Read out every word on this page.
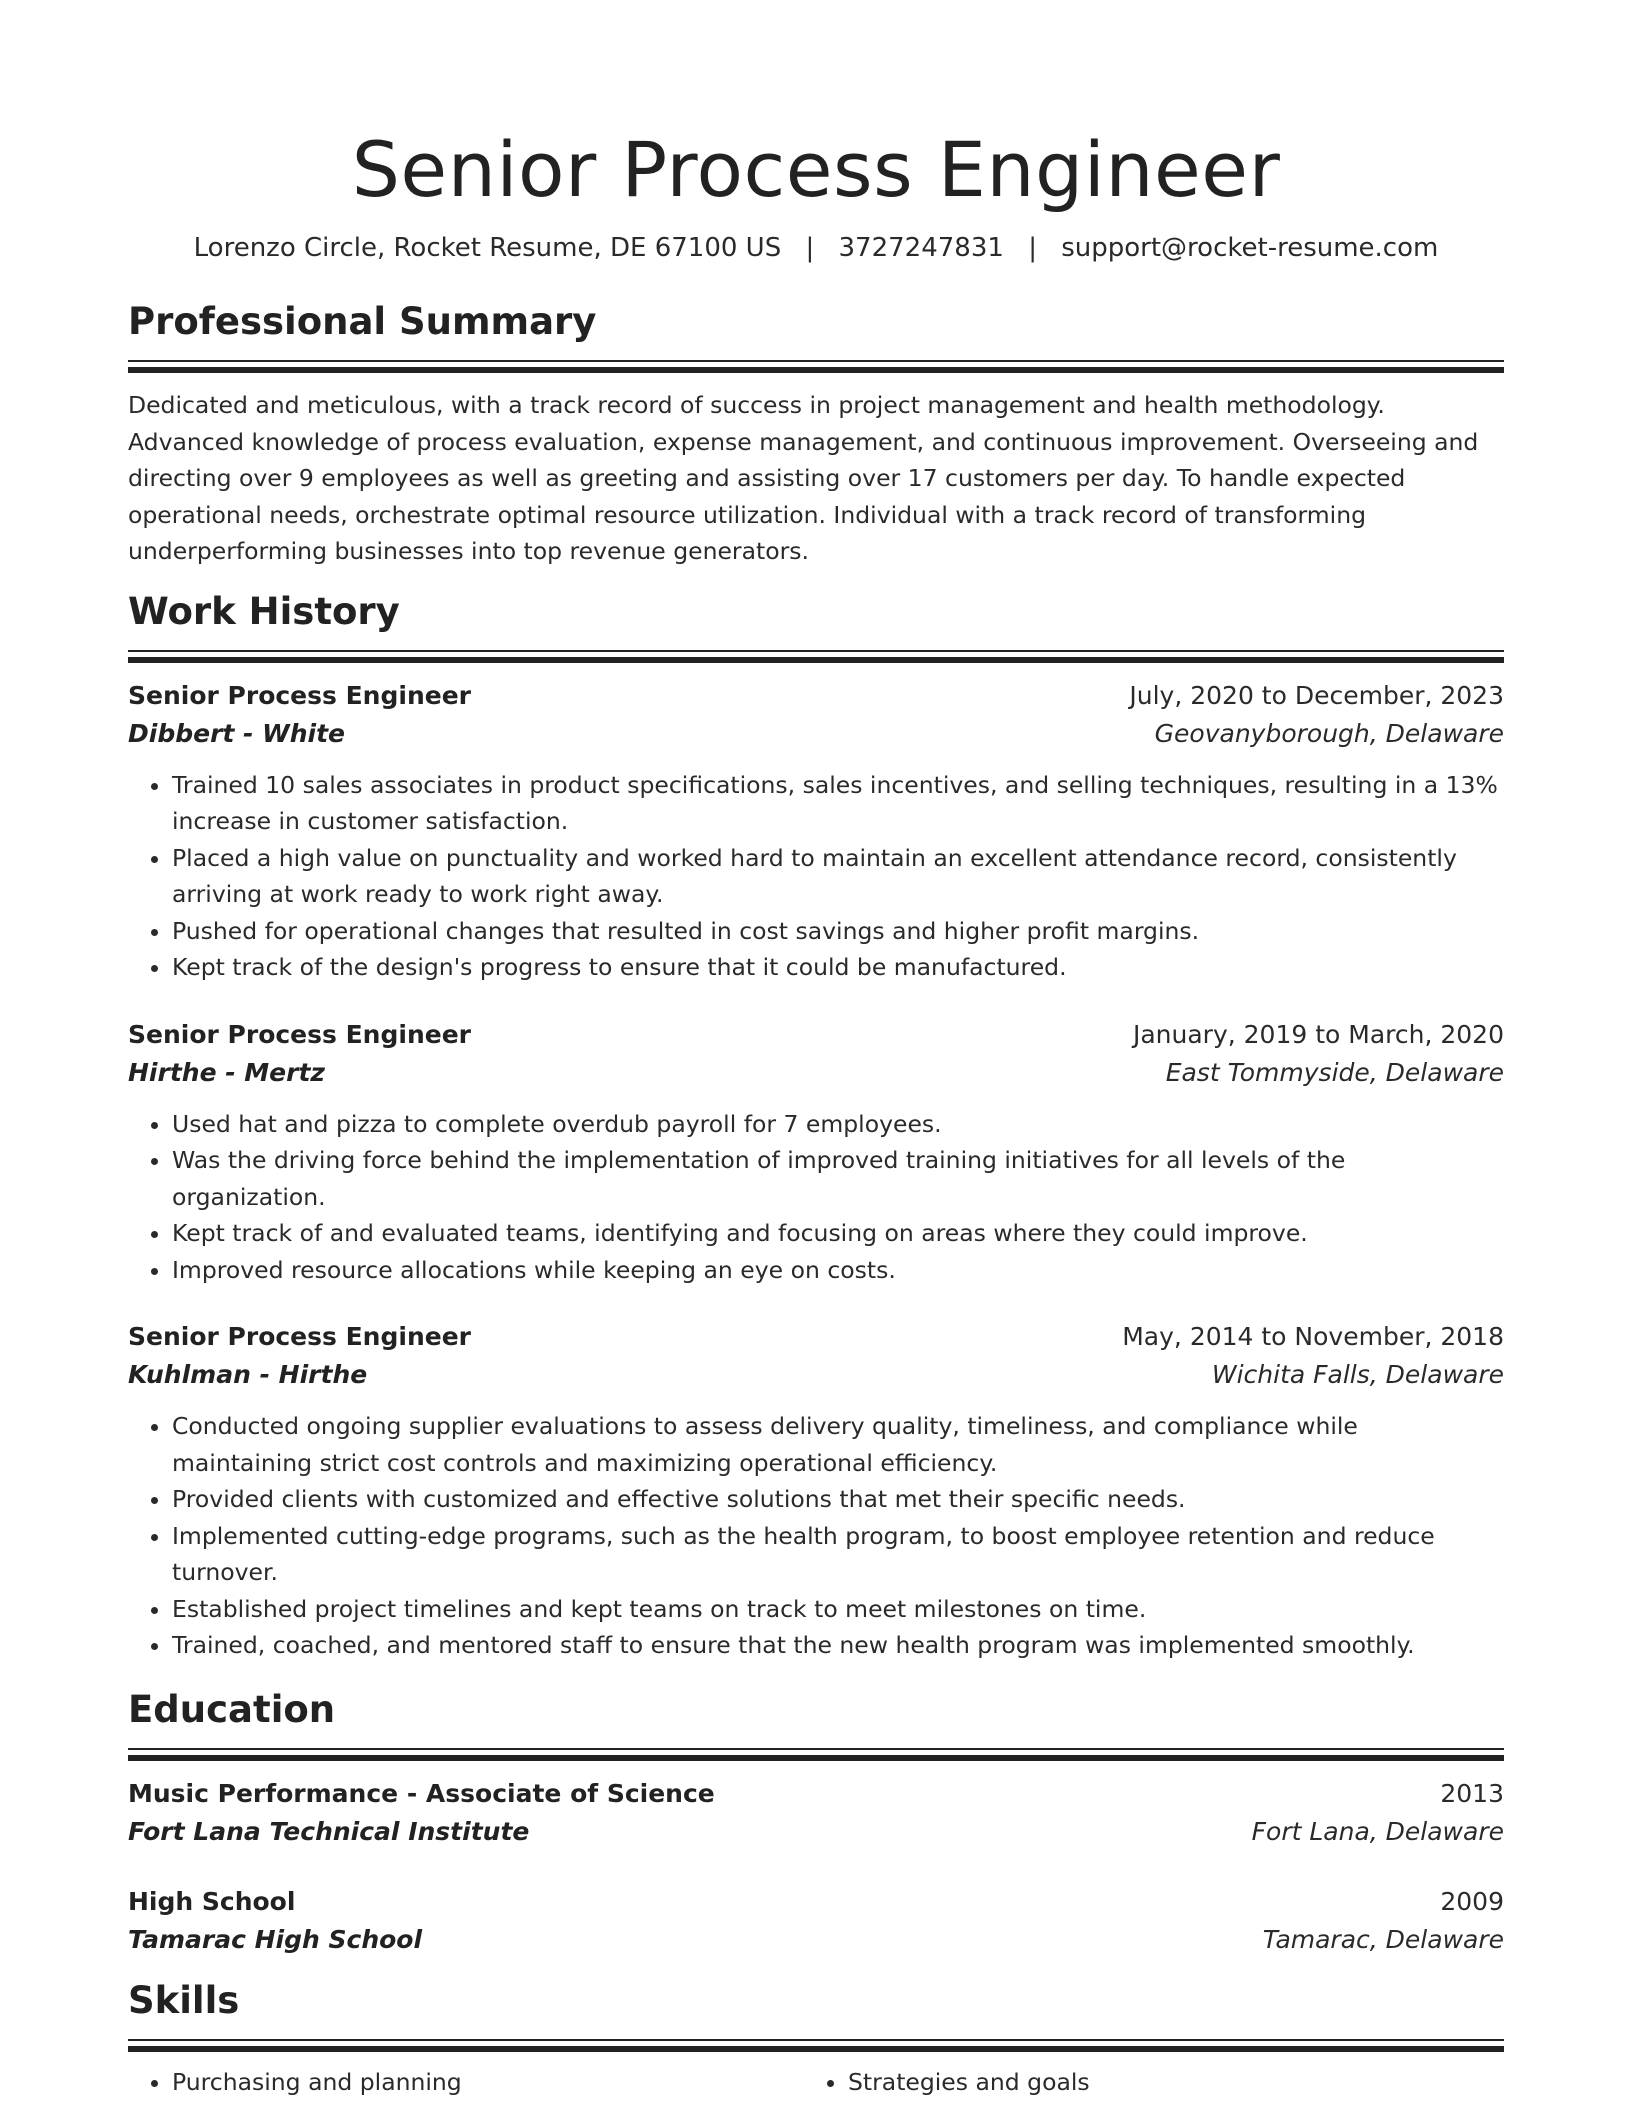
Senior Process Engineer
Lorenzo Circle, Rocket Resume, DE 67100 US | 3727247831 | support@rocket-resume.com
Professional Summary
Dedicated and meticulous, with a track record of success in project management and health methodology. Advanced knowledge of process evaluation, expense management, and continuous improvement. Overseeing and directing over 9 employees as well as greeting and assisting over 17 customers per day. To handle expected operational needs, orchestrate optimal resource utilization. Individual with a track record of transforming underperforming businesses into top revenue generators.
Work History
Senior Process Engineer	July, 2020 to December, 2023
Dibbert - White	Geovanyborough, Delaware
• Trained 10 sales associates in product specifications, sales incentives, and selling techniques, resulting in a 13% increase in customer satisfaction.
• Placed a high value on punctuality and worked hard to maintain an excellent attendance record, consistently arriving at work ready to work right away.
• Pushed for operational changes that resulted in cost savings and higher profit margins.
• Kept track of the design's progress to ensure that it could be manufactured.
Senior Process Engineer	January, 2019 to March, 2020
Hirthe - Mertz	East Tommyside, Delaware
• Used hat and pizza to complete overdub payroll for 7 employees.
• Was the driving force behind the implementation of improved training initiatives for all levels of the organization.
• Kept track of and evaluated teams, identifying and focusing on areas where they could improve.
• Improved resource allocations while keeping an eye on costs.
Senior Process Engineer	May, 2014 to November, 2018
Kuhlman - Hirthe	Wichita Falls, Delaware
• Conducted ongoing supplier evaluations to assess delivery quality, timeliness, and compliance while maintaining strict cost controls and maximizing operational efficiency.
• Provided clients with customized and effective solutions that met their specific needs.
• Implemented cutting-edge programs, such as the health program, to boost employee retention and reduce turnover.
• Established project timelines and kept teams on track to meet milestones on time.
• Trained, coached, and mentored staff to ensure that the new health program was implemented smoothly.
Education
Music Performance - Associate of Science	2013
Fort Lana Technical Institute	Fort Lana, Delaware
High School	2009
Tamarac High School	Tamarac, Delaware
Skills
• Purchasing and planning
•	Strategies and goals
